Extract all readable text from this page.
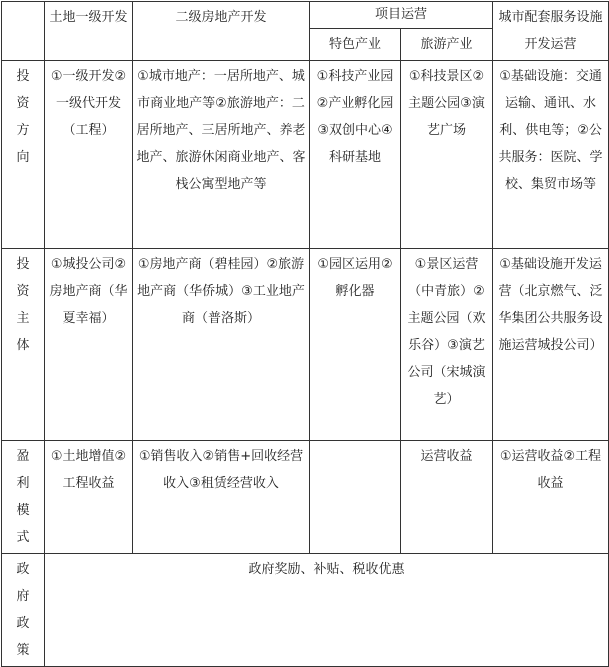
	土地一级开发	二级房地产开发	项目运营		城市配套服务设施开发运营
			特色产业	旅游产业	

投资方向	①一级开发②一级代开发（工程）	①城市地产：一居所地产、城市商业地产等②旅游地产：二居所地产、三居所地产、养老地产、旅游休闲商业地产、客栈公寓型地产等	①科技产业园②产业孵化园③双创中心④科研基地	①科技景区②主题公园③演艺广场	①基础设施：交通运输、通讯、水利、供电等；②公共服务：医院、学校、集贸市场等

投资主体	①城投公司②房地产商（华夏幸福）	①房地产商（碧桂园）②旅游地产商（华侨城）③工业地产商（普洛斯）	①园区运用②孵化器	①景区运营（中青旅）②主题公园（欢乐谷）③演艺公司（宋城演艺）	①基础设施开发运营（北京燃气、泛华集团公共服务设施运营城投公司）

盈利模式	①土地增值②工程收益	①销售收入②销售+回收经营收入③租赁经营收入		运营收益	①运营收益②工程收益

政府政策	政府奖励、补贴、税收优惠				
